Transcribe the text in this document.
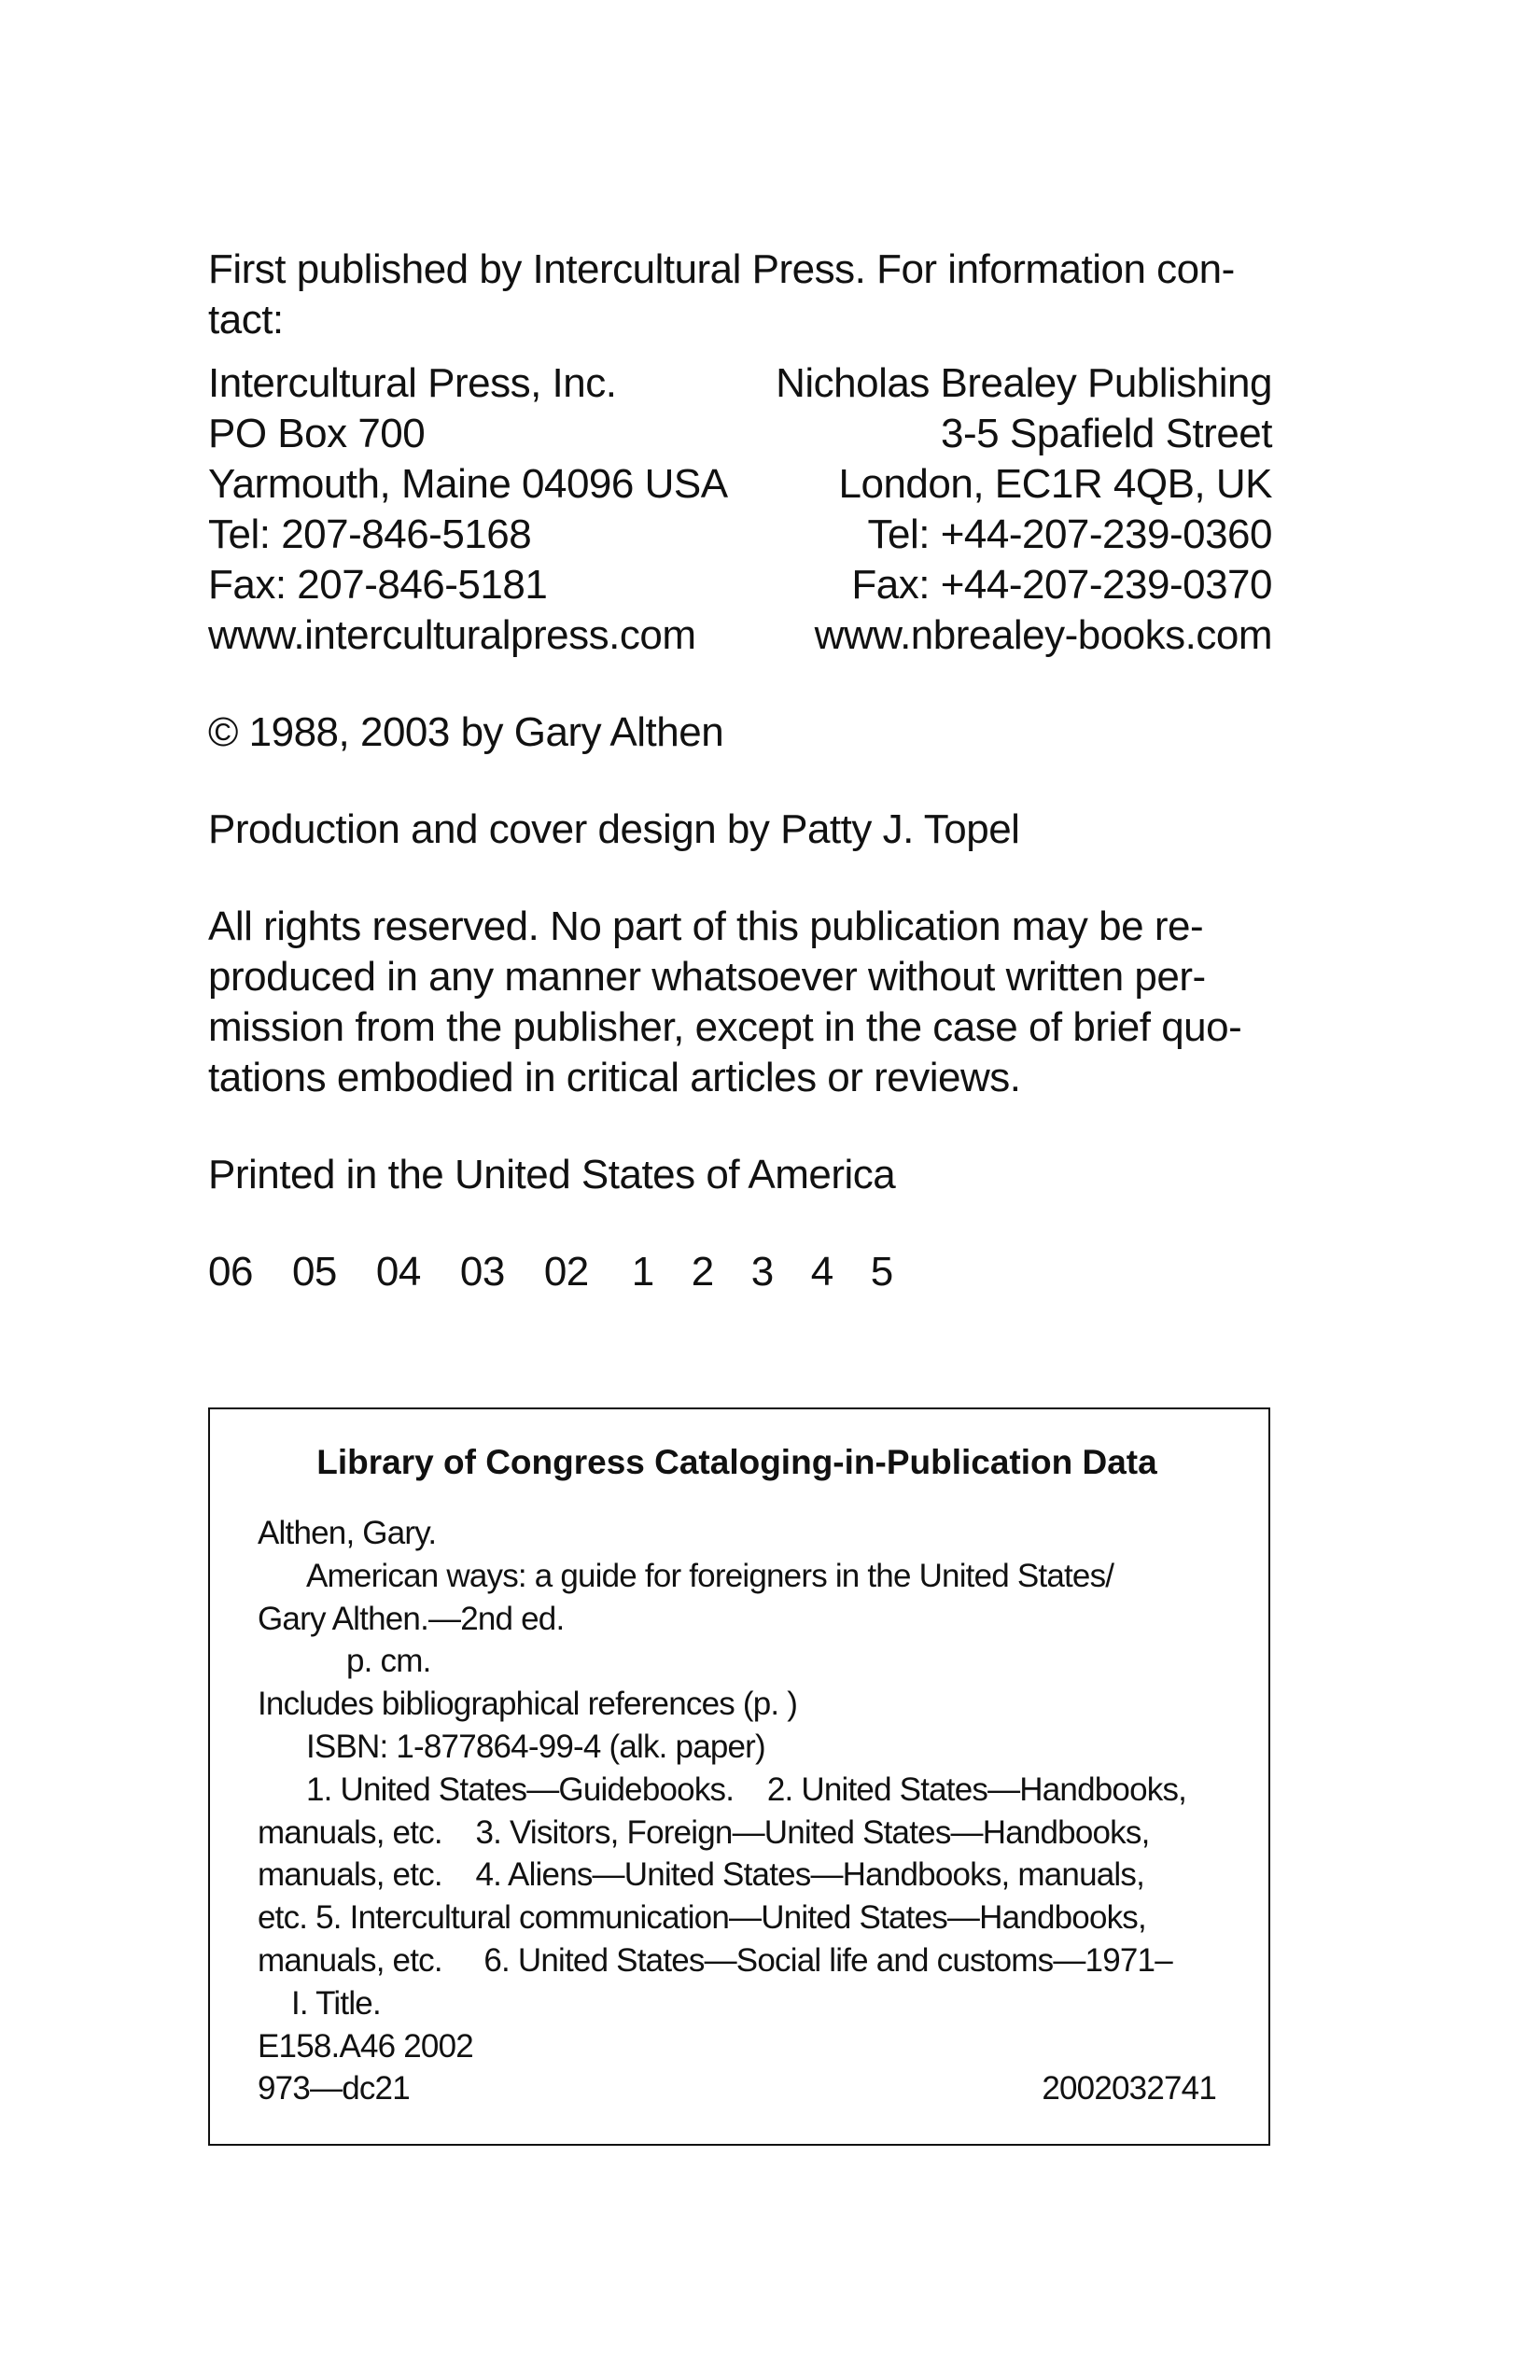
First published by Intercultural Press. For information con-
tact:
Intercultural Press, Inc.
PO Box 700
Yarmouth, Maine 04096 USA
Tel: 207-846-5168
Fax: 207-846-5181
www.interculturalpress.com
Nicholas Brealey Publishing
3-5 Spafield Street
London, EC1R 4QB, UK
Tel: +44-207-239-0360
Fax: +44-207-239-0370
www.nbrealey-books.com
© 1988, 2003 by Gary Althen
Production and cover design by Patty J. Topel
All rights reserved. No part of this publication may be re-
produced in any manner whatsoever without written per-
mission from the publisher, except in the case of brief quo-
tations embodied in critical articles or reviews.
Printed in the United States of America
06 05 04 03 02 1 2 3 4 5
Library of Congress Cataloging-in-Publication Data
Althen, Gary.
American ways: a guide for foreigners in the United States/
Gary Althen.—2nd ed.
p. cm.
Includes bibliographical references (p. )
ISBN: 1-877864-99-4 (alk. paper)
1. United States—Guidebooks.    2. United States—Handbooks,
manuals, etc.    3. Visitors, Foreign—United States—Handbooks,
manuals, etc.    4. Aliens—United States—Handbooks, manuals,
etc. 5. Intercultural communication—United States—Handbooks,
manuals, etc.     6. United States—Social life and customs—1971–
I. Title.
E158.A46 2002
973—dc21	2002032741
